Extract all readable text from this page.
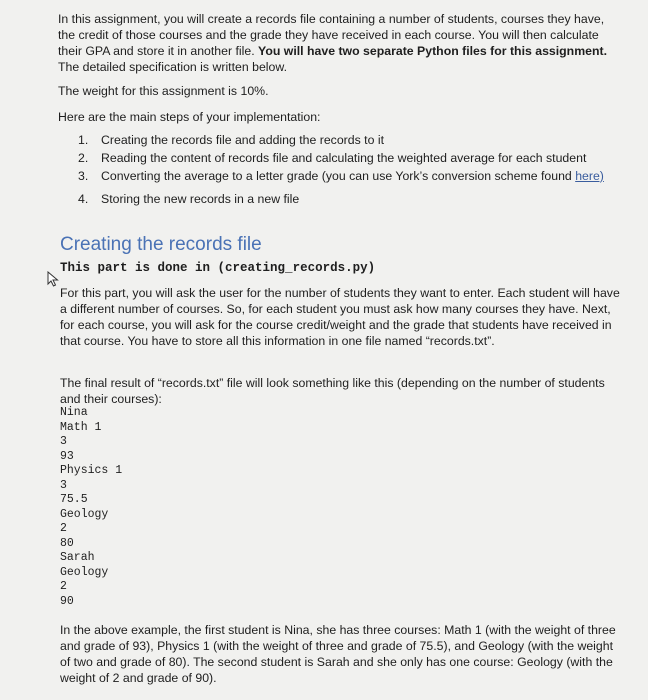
In this assignment, you will create a records file containing a number of students, courses they have, the credit of those courses and the grade they have received in each course. You will then calculate their GPA and store it in another file. You will have two separate Python files for this assignment. The detailed specification is written below.
The weight for this assignment is 10%.
Here are the main steps of your implementation:
1. Creating the records file and adding the records to it
2. Reading the content of records file and calculating the weighted average for each student
3. Converting the average to a letter grade (you can use York’s conversion scheme found here)
4. Storing the new records in a new file
Creating the records file
This part is done in (creating_records.py)
For this part, you will ask the user for the number of students they want to enter. Each student will have a different number of courses. So, for each student you must ask how many courses they have. Next, for each course, you will ask for the course credit/weight and the grade that students have received in that course. You have to store all this information in one file named “records.txt”.
The final result of “records.txt” file will look something like this (depending on the number of students and their courses):
Nina
Math 1
3
93
Physics 1
3
75.5
Geology
2
80
Sarah
Geology
2
90
In the above example, the first student is Nina, she has three courses: Math 1 (with the weight of three and grade of 93), Physics 1 (with the weight of three and grade of 75.5), and Geology (with the weight of two and grade of 80). The second student is Sarah and she only has one course: Geology (with the weight of 2 and grade of 90).
